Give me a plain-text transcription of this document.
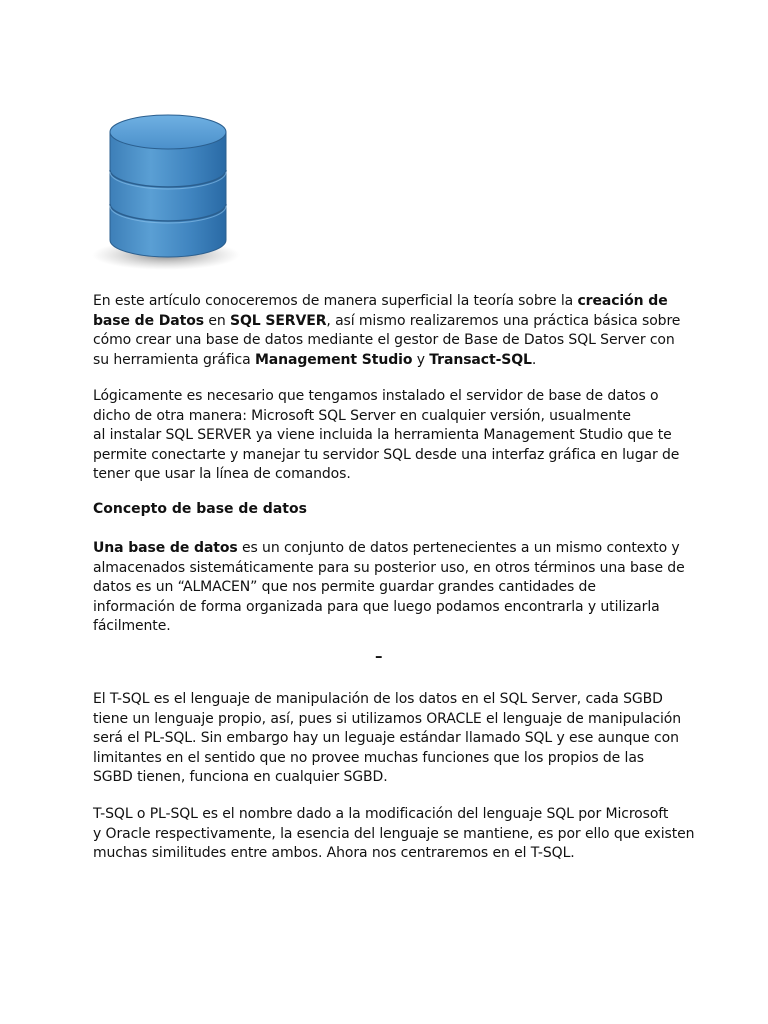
En este artículo conoceremos de manera superficial la teoría sobre la creación de

base de Datos en SQL SERVER, así mismo realizaremos una práctica básica sobre

cómo crear una base de datos mediante el gestor de Base de Datos SQL Server con

su herramienta gráfica Management Studio y Transact-SQL.

Lógicamente es necesario que tengamos instalado el servidor de base de datos o

dicho de otra manera: Microsoft SQL Server en cualquier versión, usualmente

al instalar SQL SERVER ya viene incluida la herramienta Management Studio que te

permite conectarte y manejar tu servidor SQL desde una interfaz gráfica en lugar de

tener que usar la línea de comandos.

Concepto de base de datos

Una base de datos es un conjunto de datos pertenecientes a un mismo contexto y

almacenados sistemáticamente para su posterior uso, en otros términos una base de

datos es un “ALMACEN” que nos permite guardar grandes cantidades de

información de forma organizada para que luego podamos encontrarla y utilizarla

fácilmente.

–

El T-SQL es el lenguaje de manipulación de los datos en el SQL Server, cada SGBD

tiene un lenguaje propio, así, pues si utilizamos ORACLE el lenguaje de manipulación

será el PL-SQL. Sin embargo hay un leguaje estándar llamado SQL y ese aunque con

limitantes en el sentido que no provee muchas funciones que los propios de las

SGBD tienen, funciona en cualquier SGBD.

T-SQL o PL-SQL es el nombre dado a la modificación del lenguaje SQL por Microsoft

y Oracle respectivamente, la esencia del lenguaje se mantiene, es por ello que existen

muchas similitudes entre ambos. Ahora nos centraremos en el T-SQL.
